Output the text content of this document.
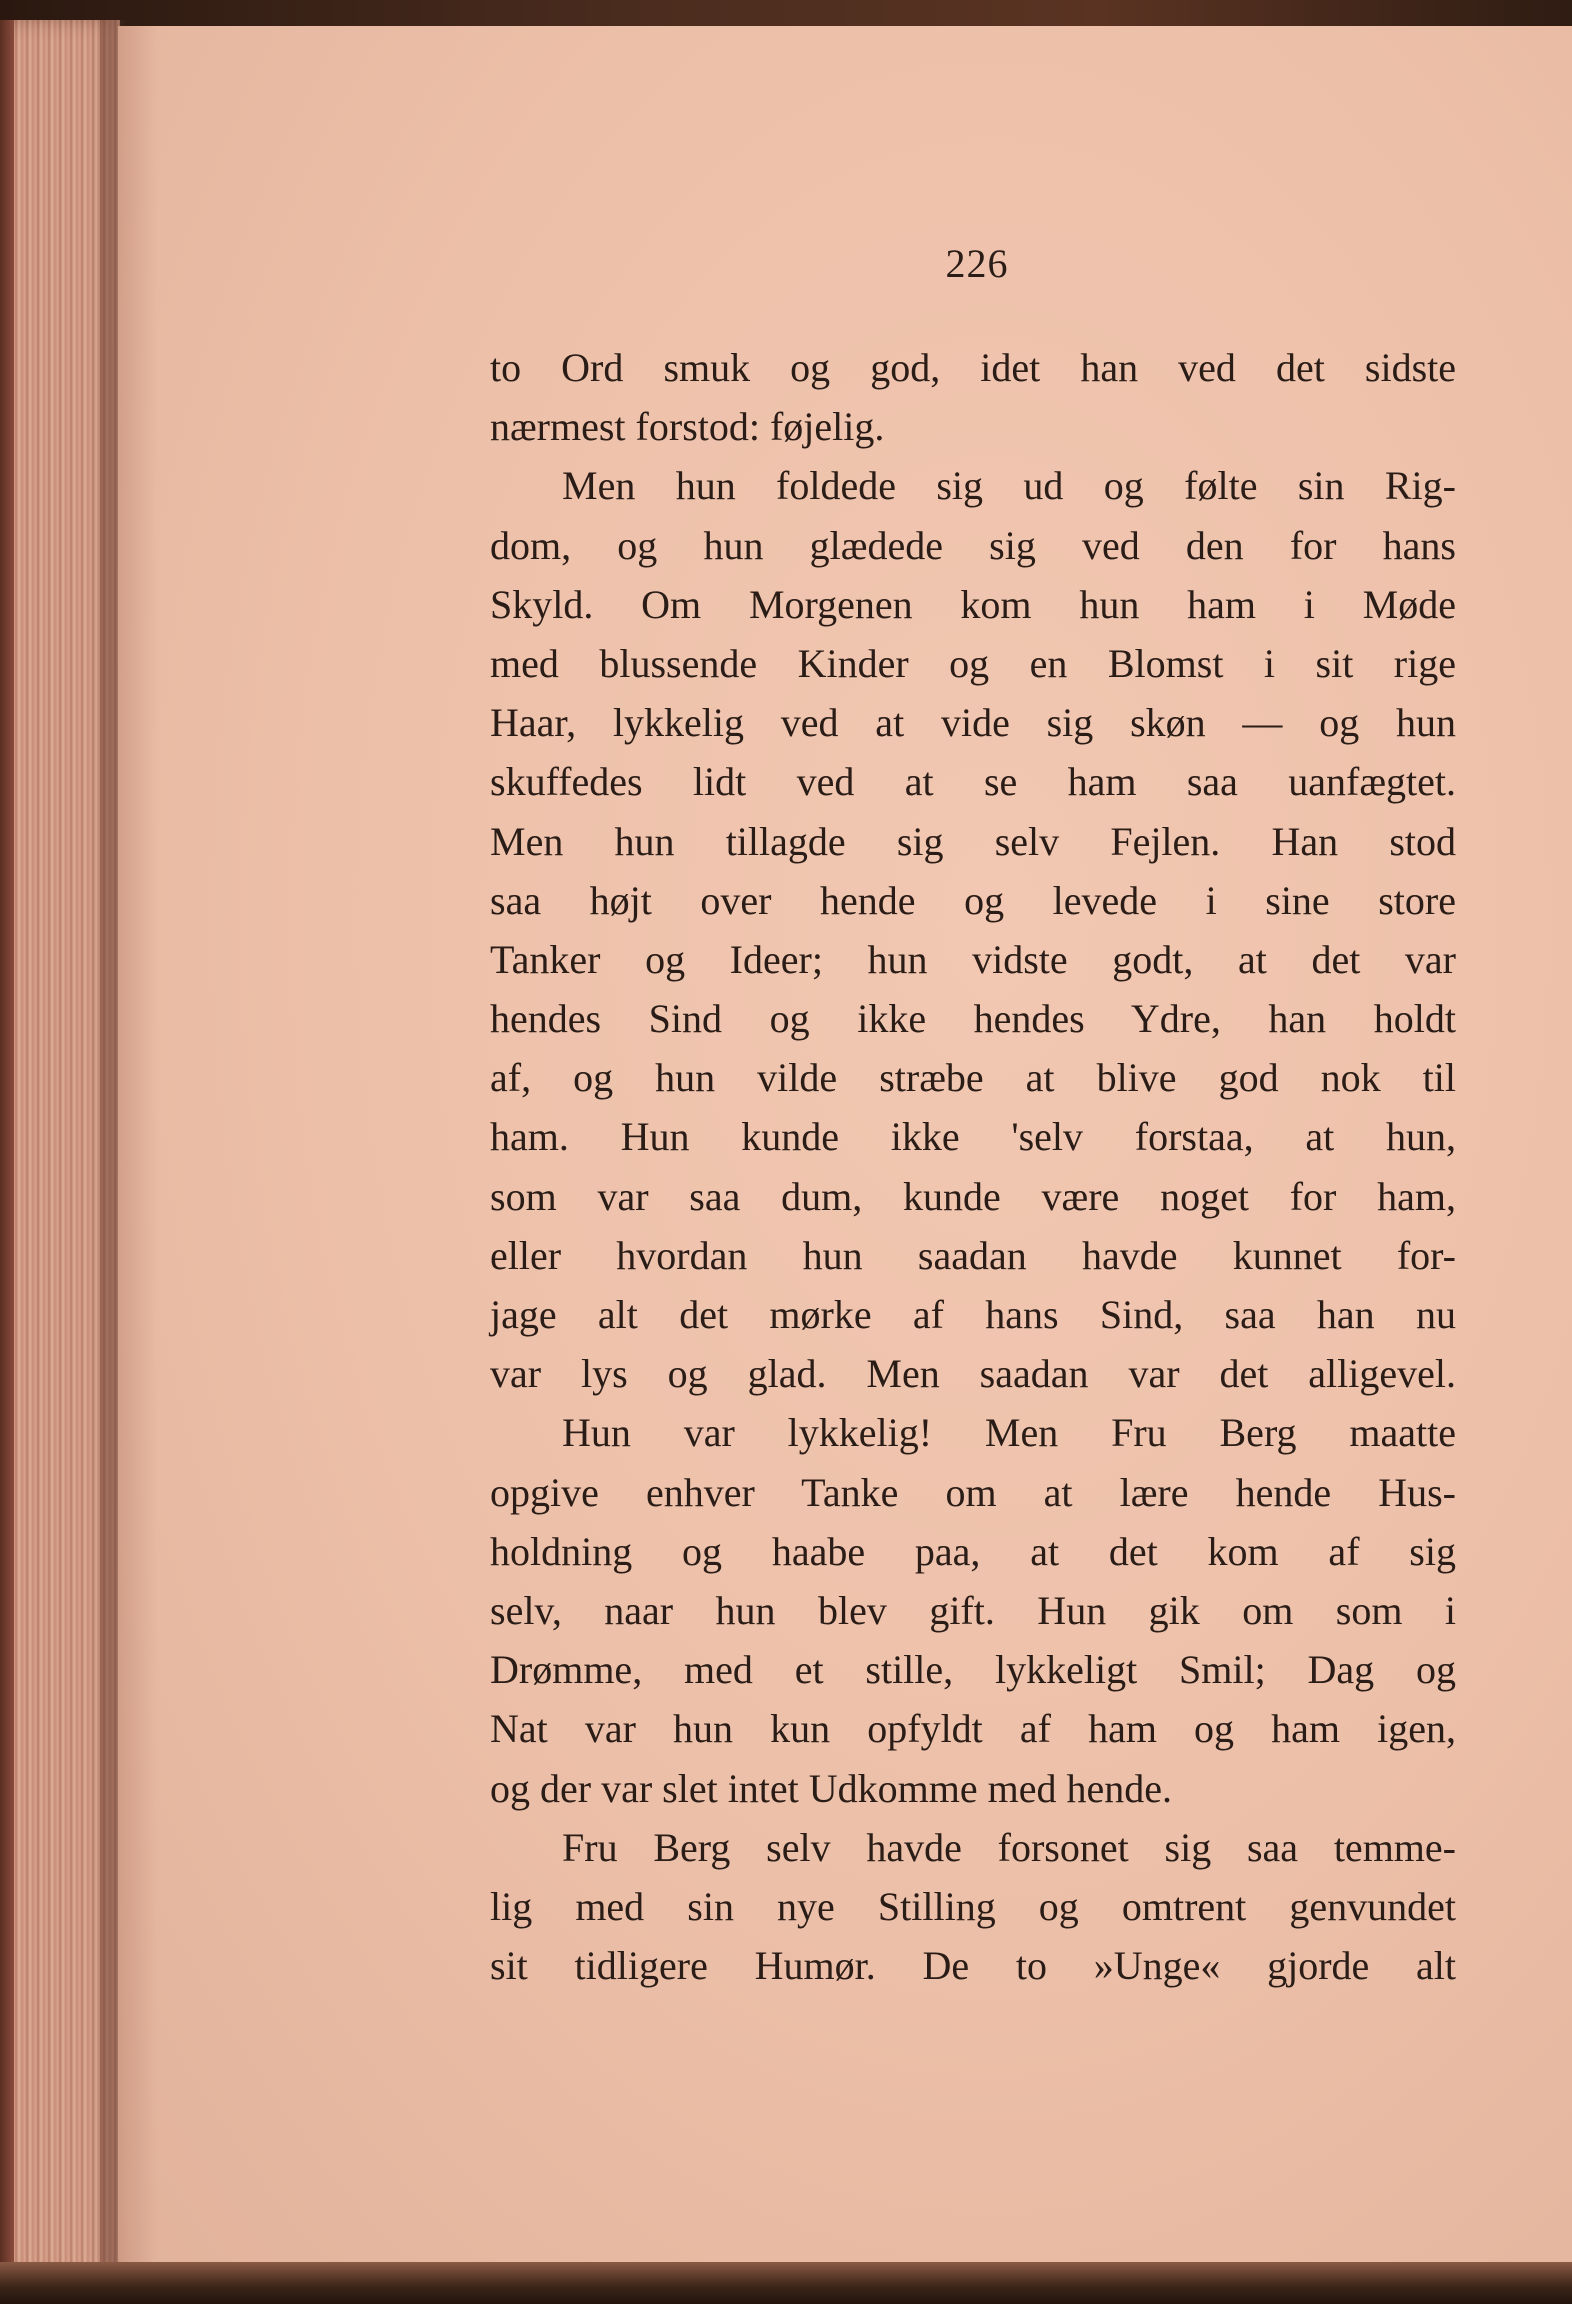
226
to Ord smuk og god, idet han ved det sidste
nærmest forstod: føjelig.
Men hun foldede sig ud og følte sin Rig-
dom, og hun glædede sig ved den for hans
Skyld. Om Morgenen kom hun ham i Møde
med blussende Kinder og en Blomst i sit rige
Haar, lykkelig ved at vide sig skøn — og hun
skuffedes lidt ved at se ham saa uanfægtet.
Men hun tillagde sig selv Fejlen. Han stod
saa højt over hende og levede i sine store
Tanker og Ideer; hun vidste godt, at det var
hendes Sind og ikke hendes Ydre, han holdt
af, og hun vilde stræbe at blive god nok til
ham. Hun kunde ikke 'selv forstaa, at hun,
som var saa dum, kunde være noget for ham,
eller hvordan hun saadan havde kunnet for-
jage alt det mørke af hans Sind, saa han nu
var lys og glad. Men saadan var det alligevel.
Hun var lykkelig! Men Fru Berg maatte
opgive enhver Tanke om at lære hende Hus-
holdning og haabe paa, at det kom af sig
selv, naar hun blev gift. Hun gik om som i
Drømme, med et stille, lykkeligt Smil; Dag og
Nat var hun kun opfyldt af ham og ham igen,
og der var slet intet Udkomme med hende.
Fru Berg selv havde forsonet sig saa temme-
lig med sin nye Stilling og omtrent genvundet
sit tidligere Humør. De to »Unge« gjorde alt
